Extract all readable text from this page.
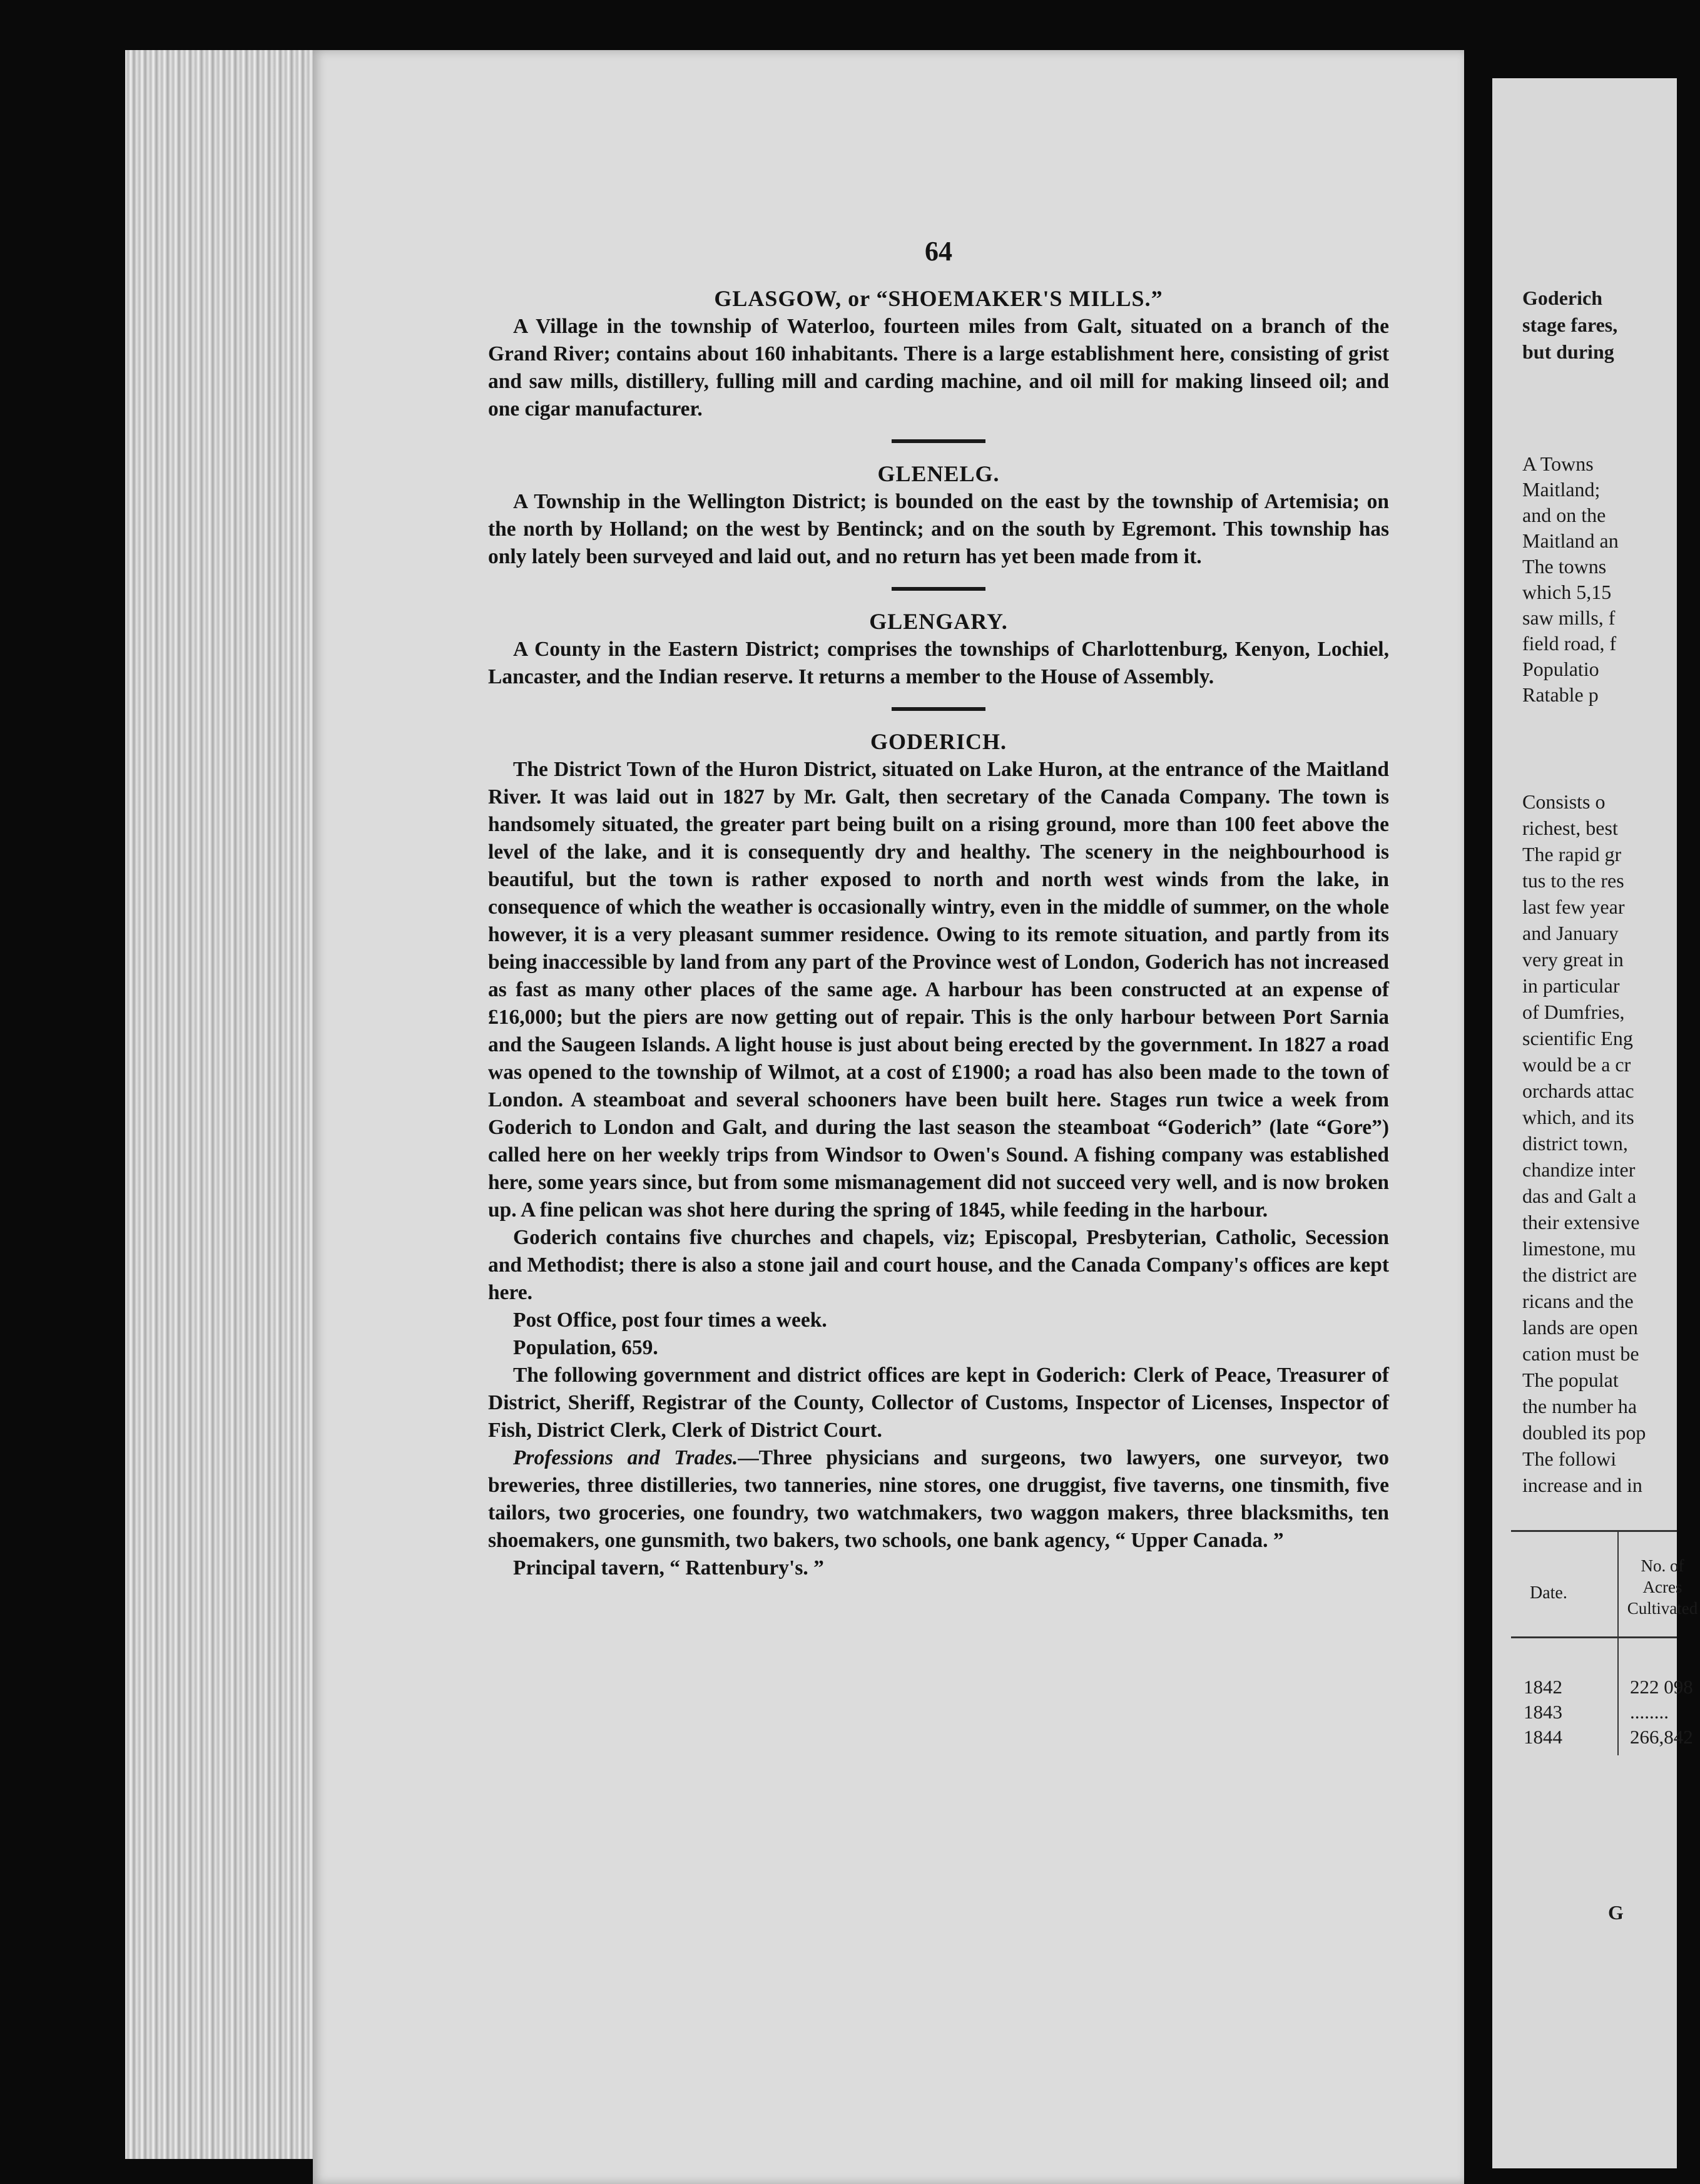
Goderich
stage fares,
but during
A Towns
Maitland;
and on the
Maitland an
The towns
which 5,15
saw mills, f
field road, f
Populatio
Ratable p
Consists o
richest, best
The rapid gr
tus to the res
last few year
and January
very great in
in particular
of Dumfries,
scientific Eng
would be a cr
orchards attac
which, and its
district town,
chandize inter
das and Galt a
their extensive
limestone, mu
the district are
ricans and the
lands are open
cation must be
The populat
the number ha
doubled its pop
The followi
increase and in
Date.
No. of Acres Cultivated
1842	222 098
1843	........
1844	266,842
G
64
GLASGOW, or “SHOEMAKER'S MILLS.”

A Village in the township of Waterloo, fourteen miles from Galt, situated on a branch of the Grand River; contains about 160 inhabitants. There is a large establishment here, consisting of grist and saw mills, distillery, fulling mill and carding machine, and oil mill for making linseed oil; and one cigar manufacturer.

GLENELG.

A Township in the Wellington District; is bounded on the east by the township of Artemisia; on the north by Holland; on the west by Bentinck; and on the south by Egremont. This township has only lately been surveyed and laid out, and no return has yet been made from it.

GLENGARY.

A County in the Eastern District; comprises the townships of Charlottenburg, Kenyon, Lochiel, Lancaster, and the Indian reserve. It returns a member to the House of Assembly.

GODERICH.

The District Town of the Huron District, situated on Lake Huron, at the entrance of the Maitland River. It was laid out in 1827 by Mr. Galt, then secretary of the Canada Company. The town is handsomely situated, the greater part being built on a rising ground, more than 100 feet above the level of the lake, and it is consequently dry and healthy. The scenery in the neighbourhood is beautiful, but the town is rather exposed to north and north west winds from the lake, in consequence of which the weather is occasionally wintry, even in the middle of summer, on the whole however, it is a very pleasant summer residence. Owing to its remote situation, and partly from its being inaccessible by land from any part of the Province west of London, Goderich has not increased as fast as many other places of the same age. A harbour has been constructed at an expense of £16,000; but the piers are now getting out of repair. This is the only harbour between Port Sarnia and the Saugeen Islands. A light house is just about being erected by the government. In 1827 a road was opened to the township of Wilmot, at a cost of £1900; a road has also been made to the town of London. A steamboat and several schooners have been built here. Stages run twice a week from Goderich to London and Galt, and during the last season the steamboat “Goderich” (late “Gore”) called here on her weekly trips from Windsor to Owen's Sound. A fishing company was established here, some years since, but from some mismanagement did not succeed very well, and is now broken up. A fine pelican was shot here during the spring of 1845, while feeding in the harbour.

Goderich contains five churches and chapels, viz; Episcopal, Presbyterian, Catholic, Secession and Methodist; there is also a stone jail and court house, and the Canada Company's offices are kept here.

Post Office, post four times a week.

Population, 659.

The following government and district offices are kept in Goderich: Clerk of Peace, Treasurer of District, Sheriff, Registrar of the County, Collector of Customs, Inspector of Licenses, Inspector of Fish, District Clerk, Clerk of District Court.

Professions and Trades.—Three physicians and surgeons, two lawyers, one surveyor, two breweries, three distilleries, two tanneries, nine stores, one druggist, five taverns, one tinsmith, five tailors, two groceries, one foundry, two watchmakers, two waggon makers, three blacksmiths, ten shoemakers, one gunsmith, two bakers, two schools, one bank agency, “ Upper Canada. ”

Principal tavern, “ Rattenbury's. ”
